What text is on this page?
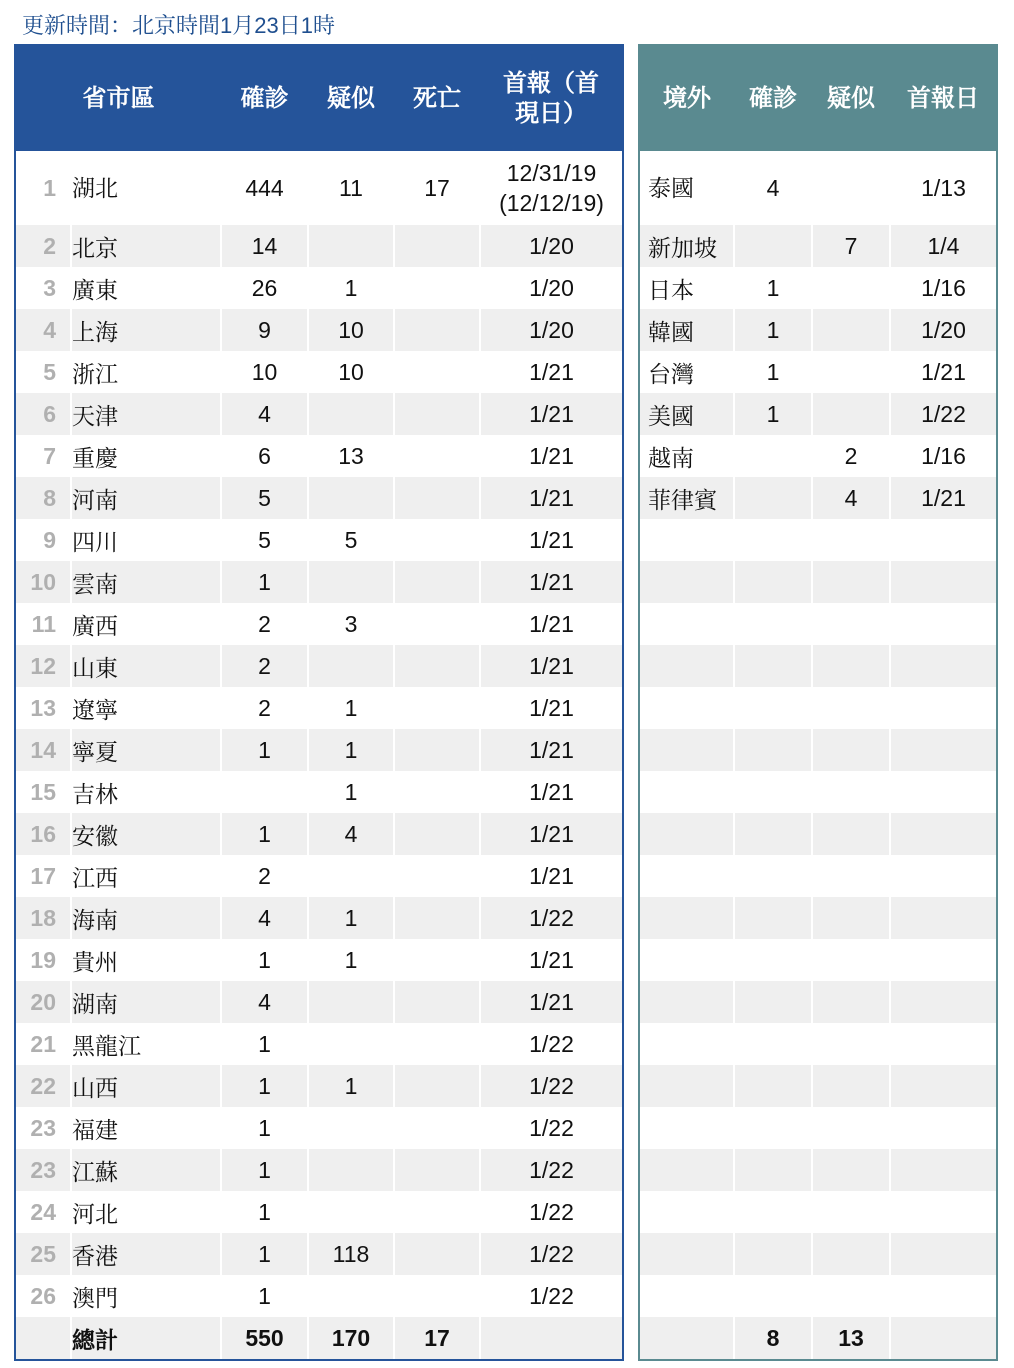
更新時間：北京時間1月23日1時
省市區		確診	疑似	死亡	首報（首
現日）
1	湖北	444	11	17	12/31/19
(12/12/19)
2	北京	14			1/20
3	廣東	26	1		1/20
4	上海	9	10		1/20
5	浙江	10	10		1/21
6	天津	4			1/21
7	重慶	6	13		1/21
8	河南	5			1/21
9	四川	5	5		1/21
10	雲南	1			1/21
11	廣西	2	3		1/21
12	山東	2			1/21
13	遼寧	2	1		1/21
14	寧夏	1	1		1/21
15	吉林		1		1/21
16	安徽	1	4		1/21
17	江西	2			1/21
18	海南	4	1		1/22
19	貴州	1	1		1/21
20	湖南	4			1/21
21	黑龍江	1			1/22
22	山西	1	1		1/22
23	福建	1			1/22
23	江蘇	1			1/22
24	河北	1			1/22
25	香港	1	118		1/22
26	澳門	1			1/22
	總計	550	170	17	
境外	確診	疑似	首報日
泰國	4		1/13
新加坡		7	1/4
日本	1		1/16
韓國	1		1/20
台灣	1		1/21
美國	1		1/22
越南		2	1/16
菲律賓		4	1/21

	8	13	
